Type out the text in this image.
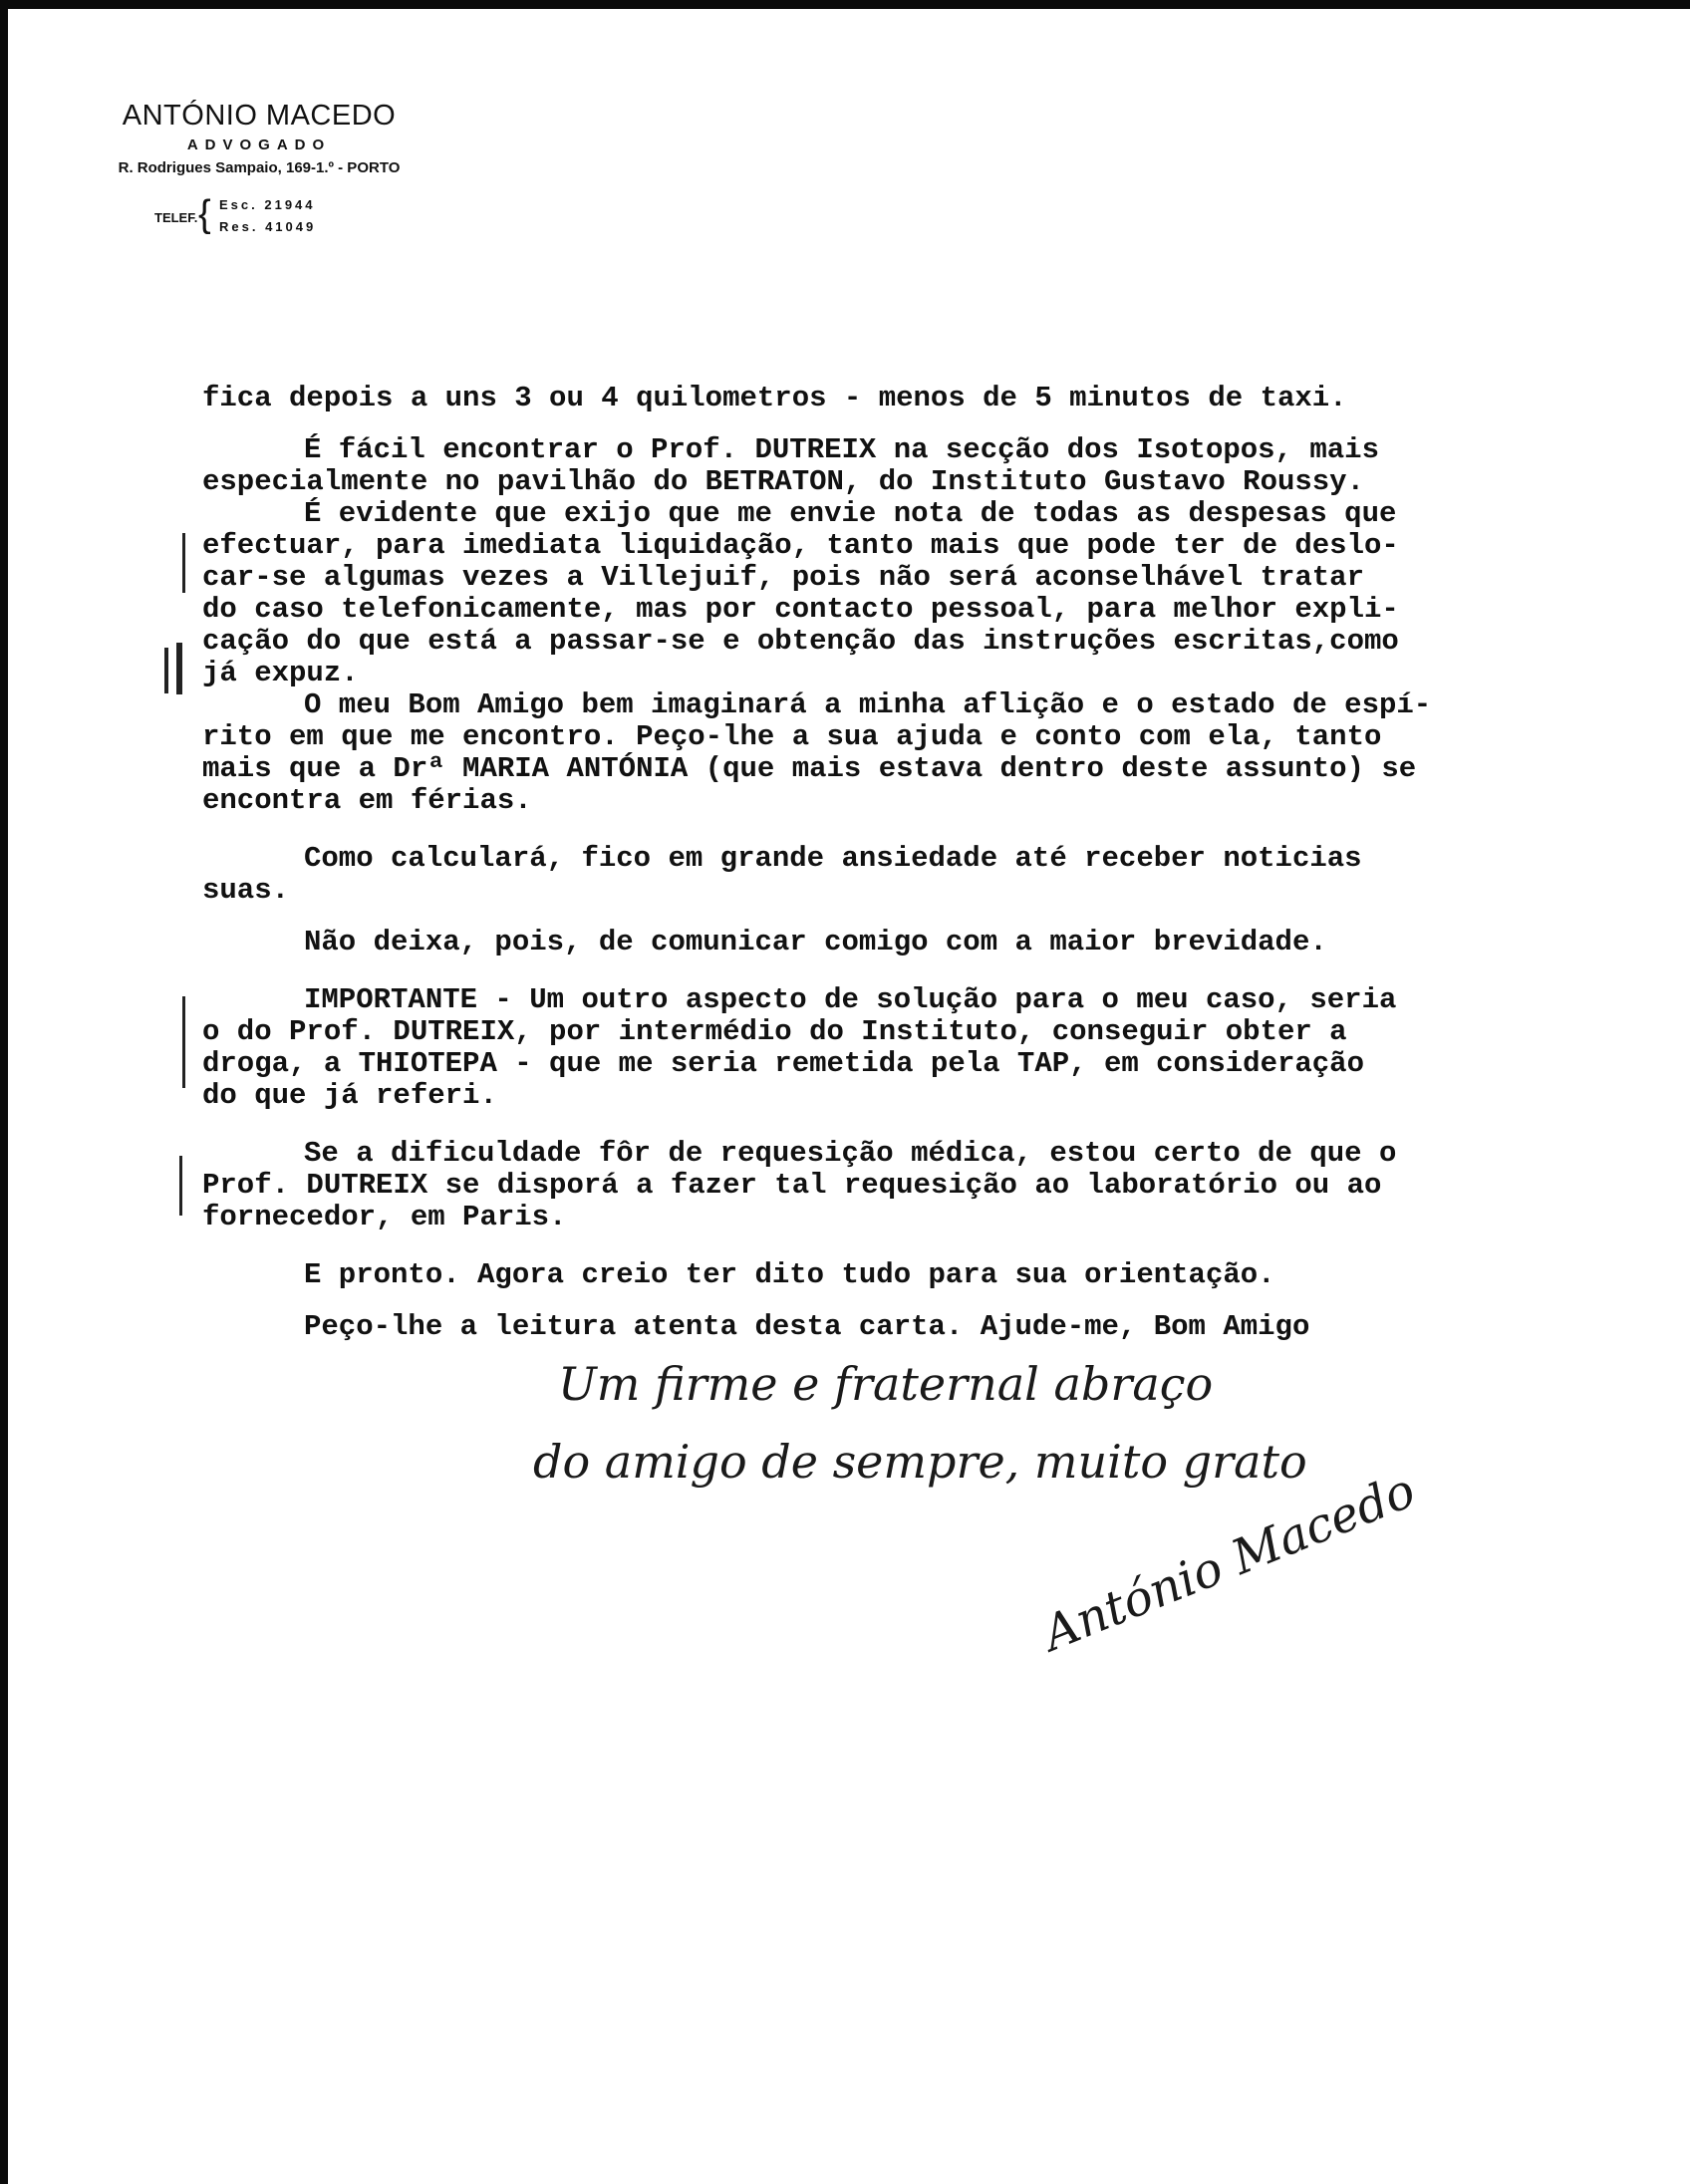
ANTÓNIO MACEDO
ADVOGADO
R. Rodrigues Sampaio, 169-1.º - PORTO
TELEF. { Esc. 21944
Res. 41049
fica depois a uns 3 ou 4 quilometros - menos de 5 minutos de taxi.
É fácil encontrar o Prof. DUTREIX na secção dos Isotopos, mais
especialmente no pavilhão do BETRATON, do Instituto Gustavo Roussy.
É evidente que exijo que me envie nota de todas as despesas que
efectuar, para imediata liquidação, tanto mais que pode ter de deslo-
car-se algumas vezes a Villejuif, pois não será aconselhável tratar
do caso telefonicamente, mas por contacto pessoal, para melhor expli-
cação do que está a passar-se e obtenção das instruções escritas,como
já expuz.
O meu Bom Amigo bem imaginará a minha aflição e o estado de espí-
rito em que me encontro. Peço-lhe a sua ajuda e conto com ela, tanto
mais que a Drª MARIA ANTÓNIA (que mais estava dentro deste assunto) se
encontra em férias.
Como calculará, fico em grande ansiedade até receber noticias
suas.
Não deixa, pois, de comunicar comigo com a maior brevidade.
IMPORTANTE - Um outro aspecto de solução para o meu caso, seria
o do Prof. DUTREIX, por intermédio do Instituto, conseguir obter a
droga, a THIOTEPA - que me seria remetida pela TAP, em consideração
do que já referi.
Se a dificuldade fôr de requesição médica, estou certo de que o
Prof. DUTREIX se disporá a fazer tal requesição ao laboratório ou ao
fornecedor, em Paris.
E pronto. Agora creio ter dito tudo para sua orientação.
Peço-lhe a leitura atenta desta carta. Ajude-me, Bom Amigo
Um firme e fraternal abraço
do amigo de sempre, muito grato
António Macedo
